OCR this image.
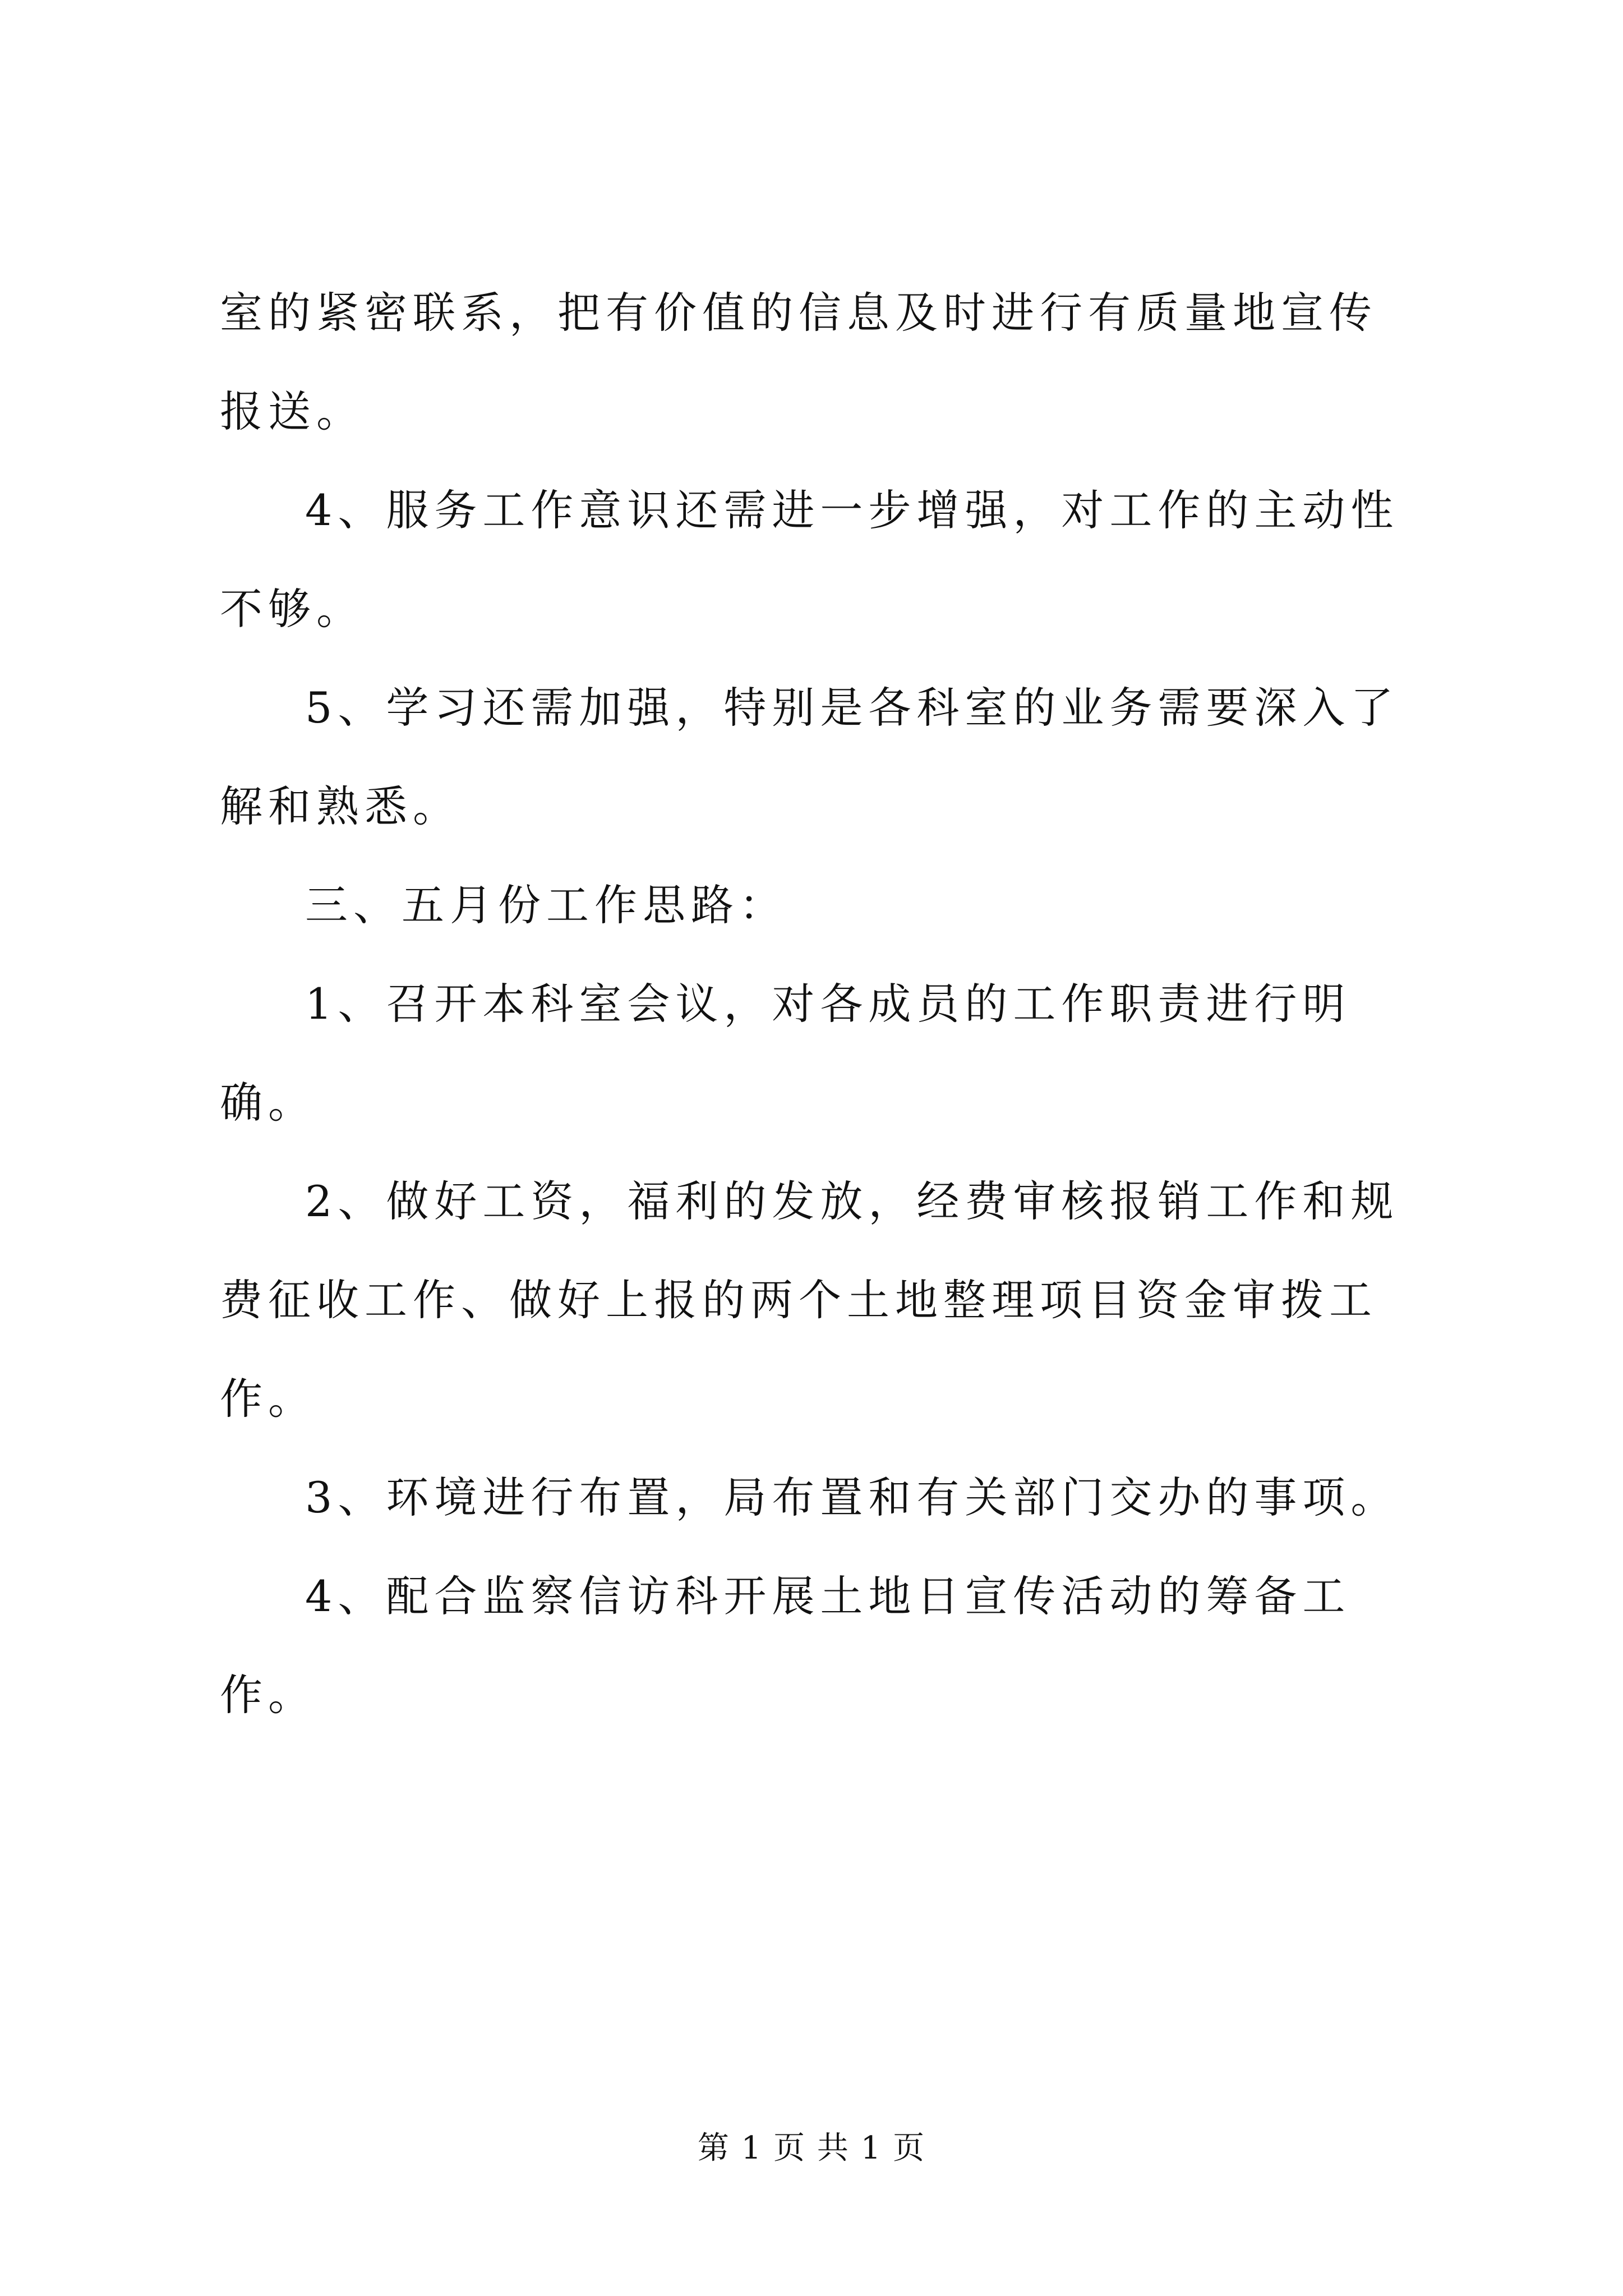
室的紧密联系，把有价值的信息及时进行有质量地宣传报送。

4、服务工作意识还需进一步增强，对工作的主动性不够。

5、学习还需加强，特别是各科室的业务需要深入了解和熟悉。

三、五月份工作思路：

1、召开本科室会议，对各成员的工作职责进行明确。

2、做好工资，福利的发放，经费审核报销工作和规费征收工作、做好上报的两个土地整理项目资金审拨工作。

3、环境进行布置，局布置和有关部门交办的事项。

4、配合监察信访科开展土地日宣传活动的筹备工作。

第 1 页 共 1 页
